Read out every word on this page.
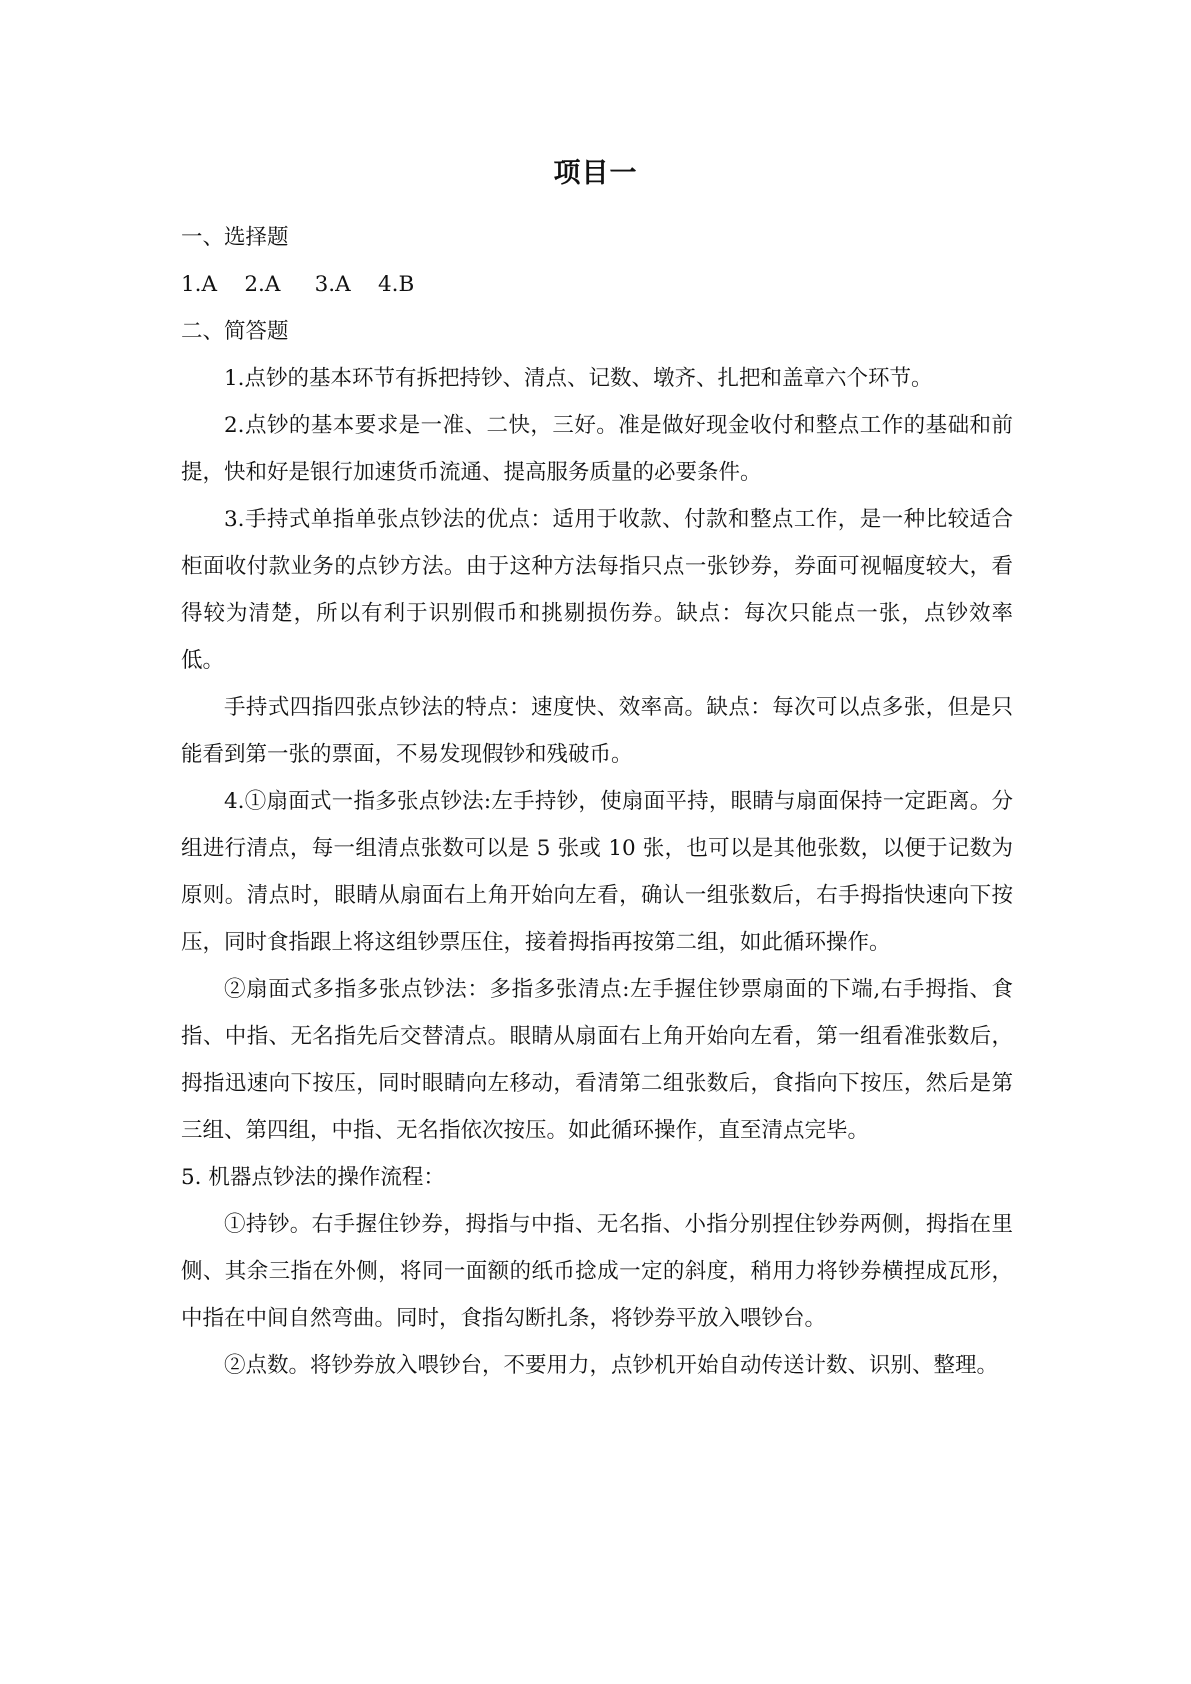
项目一

一、选择题

1.A    2.A     3.A    4.B

二、简答题

1.点钞的基本环节有拆把持钞、清点、记数、墩齐、扎把和盖章六个环节。

2.点钞的基本要求是一准、二快，三好。准是做好现金收付和整点工作的基础和前提，快和好是银行加速货币流通、提高服务质量的必要条件。

3.手持式单指单张点钞法的优点：适用于收款、付款和整点工作，是一种比较适合柜面收付款业务的点钞方法。由于这种方法每指只点一张钞券，券面可视幅度较大，看得较为清楚，所以有利于识别假币和挑剔损伤券。缺点：每次只能点一张，点钞效率低。

手持式四指四张点钞法的特点：速度快、效率高。缺点：每次可以点多张，但是只能看到第一张的票面，不易发现假钞和残破币。

4.①扇面式一指多张点钞法:左手持钞，使扇面平持，眼睛与扇面保持一定距离。分组进行清点，每一组清点张数可以是 5 张或 10 张，也可以是其他张数，以便于记数为原则。清点时，眼睛从扇面右上角开始向左看，确认一组张数后，右手拇指快速向下按压，同时食指跟上将这组钞票压住，接着拇指再按第二组，如此循环操作。

②扇面式多指多张点钞法：多指多张清点:左手握住钞票扇面的下端,右手拇指、食指、中指、无名指先后交替清点。眼睛从扇面右上角开始向左看，第一组看准张数后，拇指迅速向下按压，同时眼睛向左移动，看清第二组张数后，食指向下按压，然后是第三组、第四组，中指、无名指依次按压。如此循环操作，直至清点完毕。

5. 机器点钞法的操作流程：

①持钞。右手握住钞券，拇指与中指、无名指、小指分别捏住钞券两侧，拇指在里侧、其余三指在外侧，将同一面额的纸币捻成一定的斜度，稍用力将钞券横捏成瓦形，中指在中间自然弯曲。同时，食指勾断扎条，将钞券平放入喂钞台。

②点数。将钞券放入喂钞台，不要用力，点钞机开始自动传送计数、识别、整理。
